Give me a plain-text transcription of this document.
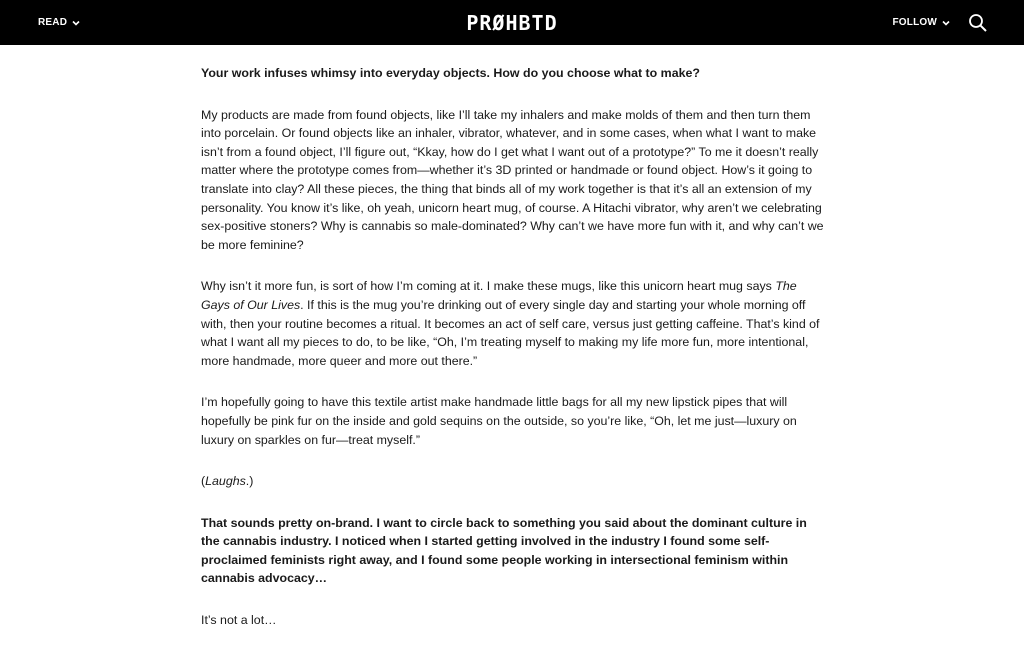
READ	PRØHBTD	FOLLOW

Your work infuses whimsy into everyday objects. How do you choose what to make?

My products are made from found objects, like I’ll take my inhalers and make molds of them and then turn them into porcelain. Or found objects like an inhaler, vibrator, whatever, and in some cases, when what I want to make isn’t from a found object, I’ll figure out, “Kkay, how do I get what I want out of a prototype?” To me it doesn’t really matter where the prototype comes from—whether it’s 3D printed or handmade or found object. How’s it going to translate into clay? All these pieces, the thing that binds all of my work together is that it’s all an extension of my personality. You know it’s like, oh yeah, unicorn heart mug, of course. A Hitachi vibrator, why aren’t we celebrating sex-positive stoners? Why is cannabis so male-dominated? Why can’t we have more fun with it, and why can’t we be more feminine?

Why isn’t it more fun, is sort of how I’m coming at it. I make these mugs, like this unicorn heart mug says The Gays of Our Lives. If this is the mug you’re drinking out of every single day and starting your whole morning off with, then your routine becomes a ritual. It becomes an act of self care, versus just getting caffeine. That’s kind of what I want all my pieces to do, to be like, “Oh, I’m treating myself to making my life more fun, more intentional, more handmade, more queer and more out there.”

I’m hopefully going to have this textile artist make handmade little bags for all my new lipstick pipes that will hopefully be pink fur on the inside and gold sequins on the outside, so you’re like, “Oh, let me just—luxury on luxury on sparkles on fur—treat myself.”

(Laughs.)

That sounds pretty on-brand. I want to circle back to something you said about the dominant culture in the cannabis industry. I noticed when I started getting involved in the industry I found some self-proclaimed feminists right away, and I found some people working in intersectional feminism within cannabis advocacy…

It’s not a lot…
